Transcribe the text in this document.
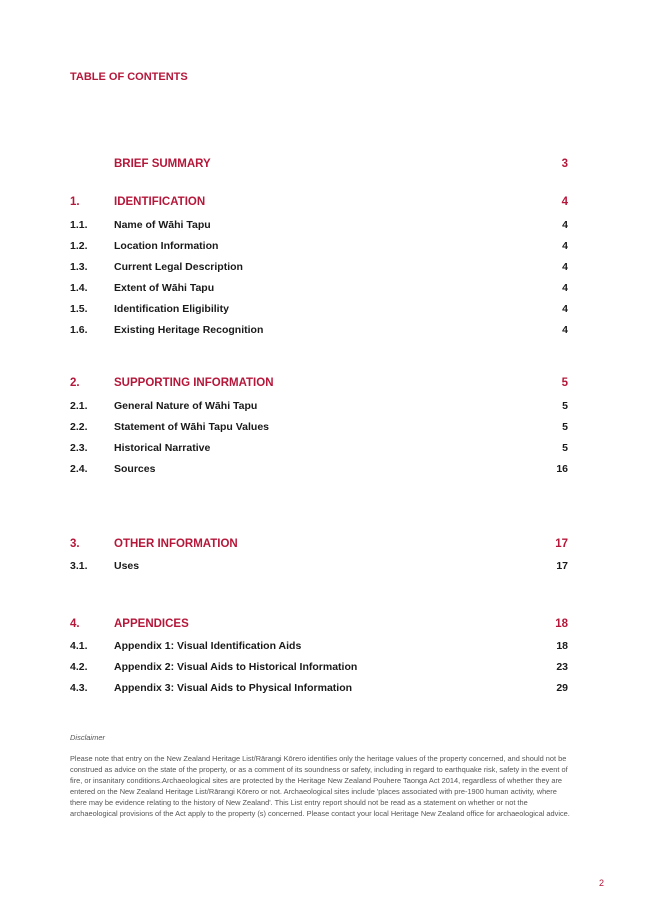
TABLE OF CONTENTS
BRIEF SUMMARY	3
1.	IDENTIFICATION	4
1.1.	Name of Wāhi Tapu	4
1.2.	Location Information	4
1.3.	Current Legal Description	4
1.4.	Extent of Wāhi Tapu	4
1.5.	Identification Eligibility	4
1.6.	Existing Heritage Recognition	4
2.	SUPPORTING INFORMATION	5
2.1.	General Nature of Wāhi Tapu	5
2.2.	Statement of Wāhi Tapu Values	5
2.3.	Historical Narrative	5
2.4.	Sources	16
3.	OTHER INFORMATION	17
3.1.	Uses	17
4.	APPENDICES	18
4.1.	Appendix 1: Visual Identification Aids	18
4.2.	Appendix 2: Visual Aids to Historical Information	23
4.3.	Appendix 3: Visual Aids to Physical Information	29
Disclaimer

Please note that entry on the New Zealand Heritage List/Rārangi Kōrero identifies only the heritage values of the property concerned, and should not be construed as advice on the state of the property, or as a comment of its soundness or safety, including in regard to earthquake risk, safety in the event of fire, or insanitary conditions.Archaeological sites are protected by the Heritage New Zealand Pouhere Taonga Act 2014, regardless of whether they are entered on the New Zealand Heritage List/Rārangi Kōrero or not. Archaeological sites include 'places associated with pre-1900 human activity, where there may be evidence relating to the history of New Zealand'. This List entry report should not be read as a statement on whether or not the archaeological provisions of the Act apply to the property (s) concerned. Please contact your local Heritage New Zealand office for archaeological advice.

2
